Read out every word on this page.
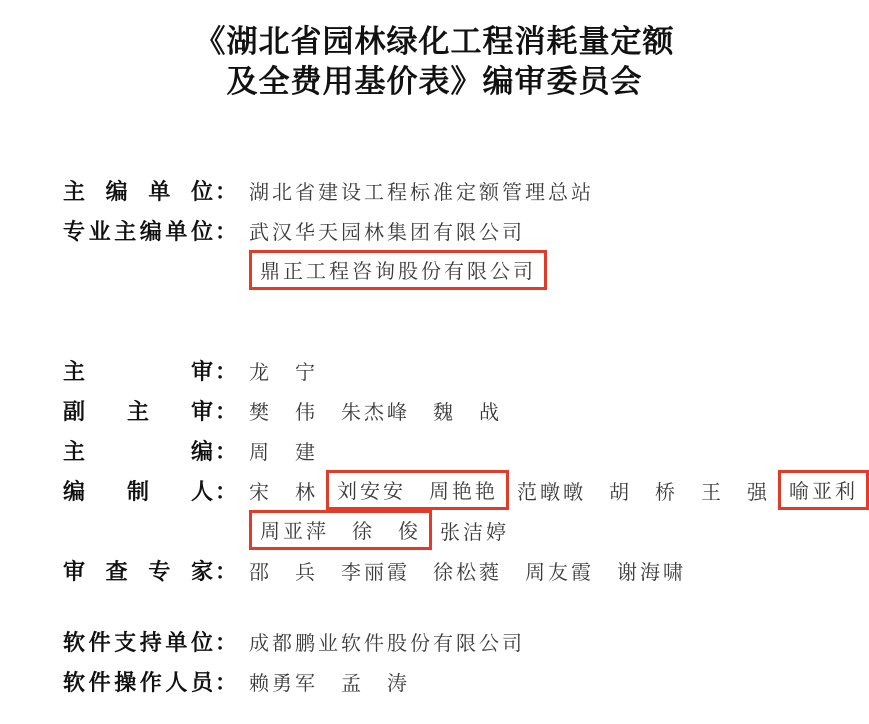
《湖北省园林绿化工程消耗量定额
及全费用基价表》编审委员会
主 编 单 位 ： 湖北省建设工程标准定额管理总站
专 业 主 编 单 位 ： 武汉华天园林集团有限公司
鼎正工程咨询股份有限公司
主	审 ： 龙　宁
副 主 审 ： 樊　伟　朱杰峰　魏　战
主	编 ： 周　建
编 制 人 ： 宋　林 刘安安　周艳艳 范暾暾　胡　桥　王　强 喻亚利
周亚萍　徐　俊 张洁婷
审 查 专 家 ： 邵　兵　李丽霞　徐松蕤　周友霞　谢海啸
软 件 支 持 单 位 ： 成都鹏业软件股份有限公司
软 件 操 作 人 员 ： 赖勇军　孟　涛
